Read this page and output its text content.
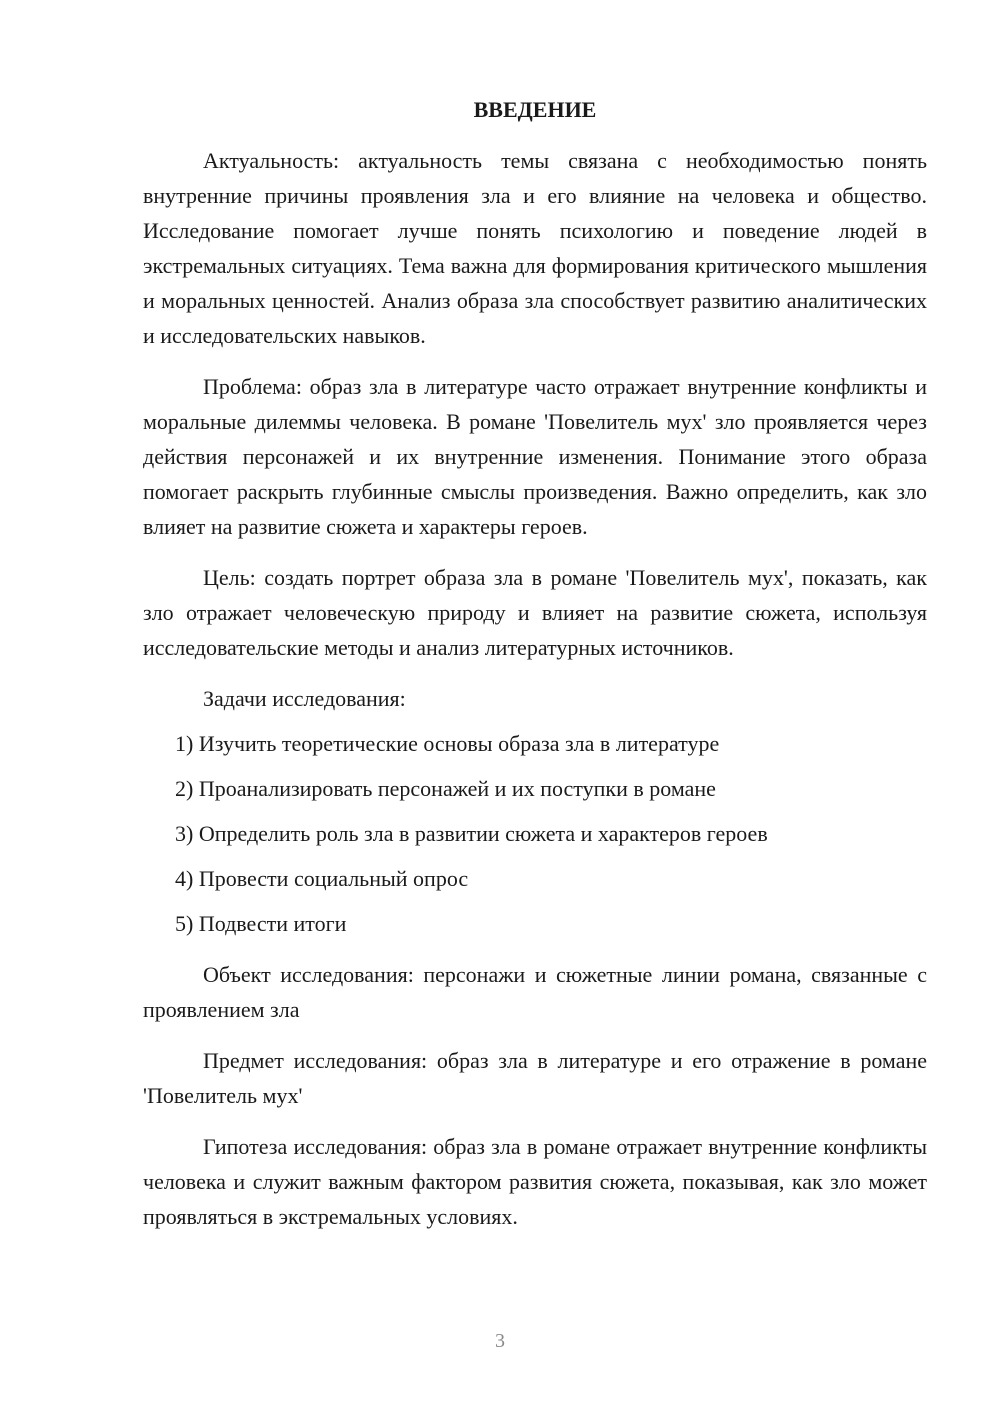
ВВЕДЕНИЕ

Актуальность: актуальность темы связана с необходимостью понять внутренние причины проявления зла и его влияние на человека и общество. Исследование помогает лучше понять психологию и поведение людей в экстремальных ситуациях. Тема важна для формирования критического мышления и моральных ценностей. Анализ образа зла способствует развитию аналитических и исследовательских навыков.

Проблема: образ зла в литературе часто отражает внутренние конфликты и моральные дилеммы человека. В романе 'Повелитель мух' зло проявляется через действия персонажей и их внутренние изменения. Понимание этого образа помогает раскрыть глубинные смыслы произведения. Важно определить, как зло влияет на развитие сюжета и характеры героев.

Цель: создать портрет образа зла в романе 'Повелитель мух', показать, как зло отражает человеческую природу и влияет на развитие сюжета, используя исследовательские методы и анализ литературных источников.

Задачи исследования:

1) Изучить теоретические основы образа зла в литературе
2) Проанализировать персонажей и их поступки в романе
3) Определить роль зла в развитии сюжета и характеров героев
4) Провести социальный опрос
5) Подвести итоги

Объект исследования: персонажи и сюжетные линии романа, связанные с проявлением зла

Предмет исследования: образ зла в литературе и его отражение в романе 'Повелитель мух'

Гипотеза исследования: образ зла в романе отражает внутренние конфликты человека и служит важным фактором развития сюжета, показывая, как зло может проявляться в экстремальных условиях.

3
